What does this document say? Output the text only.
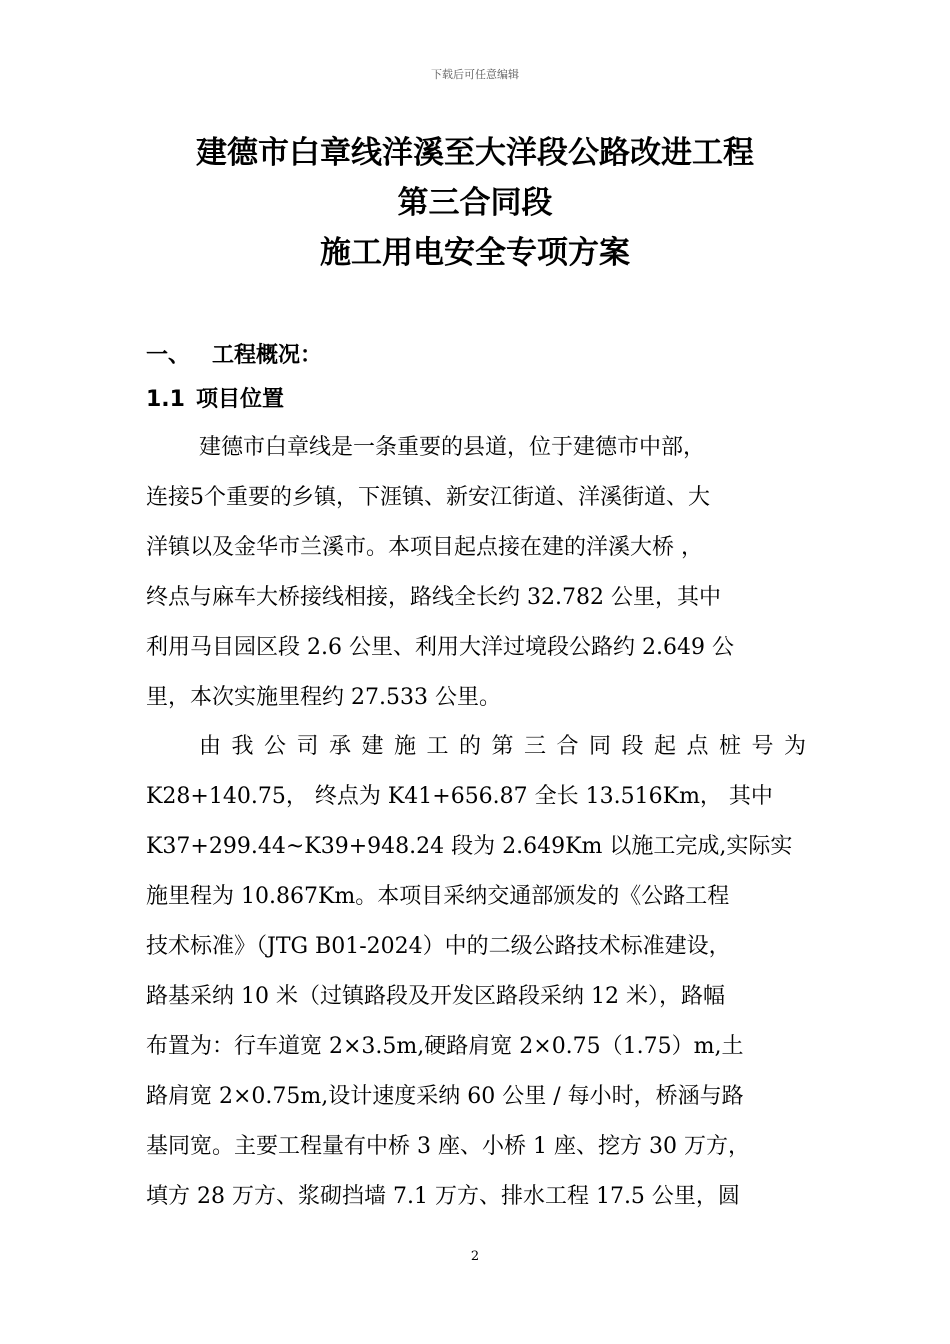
下载后可任意编辑
建德市白章线洋溪至大洋段公路改进工程
第三合同段
施工用电安全专项方案
一、 工程概况：
1.1 项目位置
建德市白章线是一条重要的县道，位于建德市中部，
连接5个重要的乡镇，下涯镇、新安江街道、洋溪街道、大
洋镇以及金华市兰溪市。本项目起点接在建的洋溪大桥 ，
终点与麻车大桥接线相接，路线全长约 32.782 公里，其中
利用马目园区段 2.6 公里、利用大洋过境段公路约 2.649 公
里，本次实施里程约 27.533 公里。
由我公司承建施工的第三合同段起点桩号为
K28+140.75， 终点为 K41+656.87 全长 13.516Km， 其中
K37+299.44~K39+948.24 段为 2.649Km 以施工完成,实际实
施里程为 10.867Km。本项目采纳交通部颁发的《公路工程
技术标准》（JTG B01-2024）中的二级公路技术标准建设，
路基采纳 10 米（过镇路段及开发区路段采纳 12 米），路幅
布置为：行车道宽 2×3.5m,硬路肩宽 2×0.75（1.75）m,土
路肩宽 2×0.75m,设计速度采纳 60 公里 / 每小时，桥涵与路
基同宽。主要工程量有中桥 3 座、小桥 1 座、挖方 30 万方，
填方 28 万方、浆砌挡墙 7.1 万方、排水工程 17.5 公里，圆
2
